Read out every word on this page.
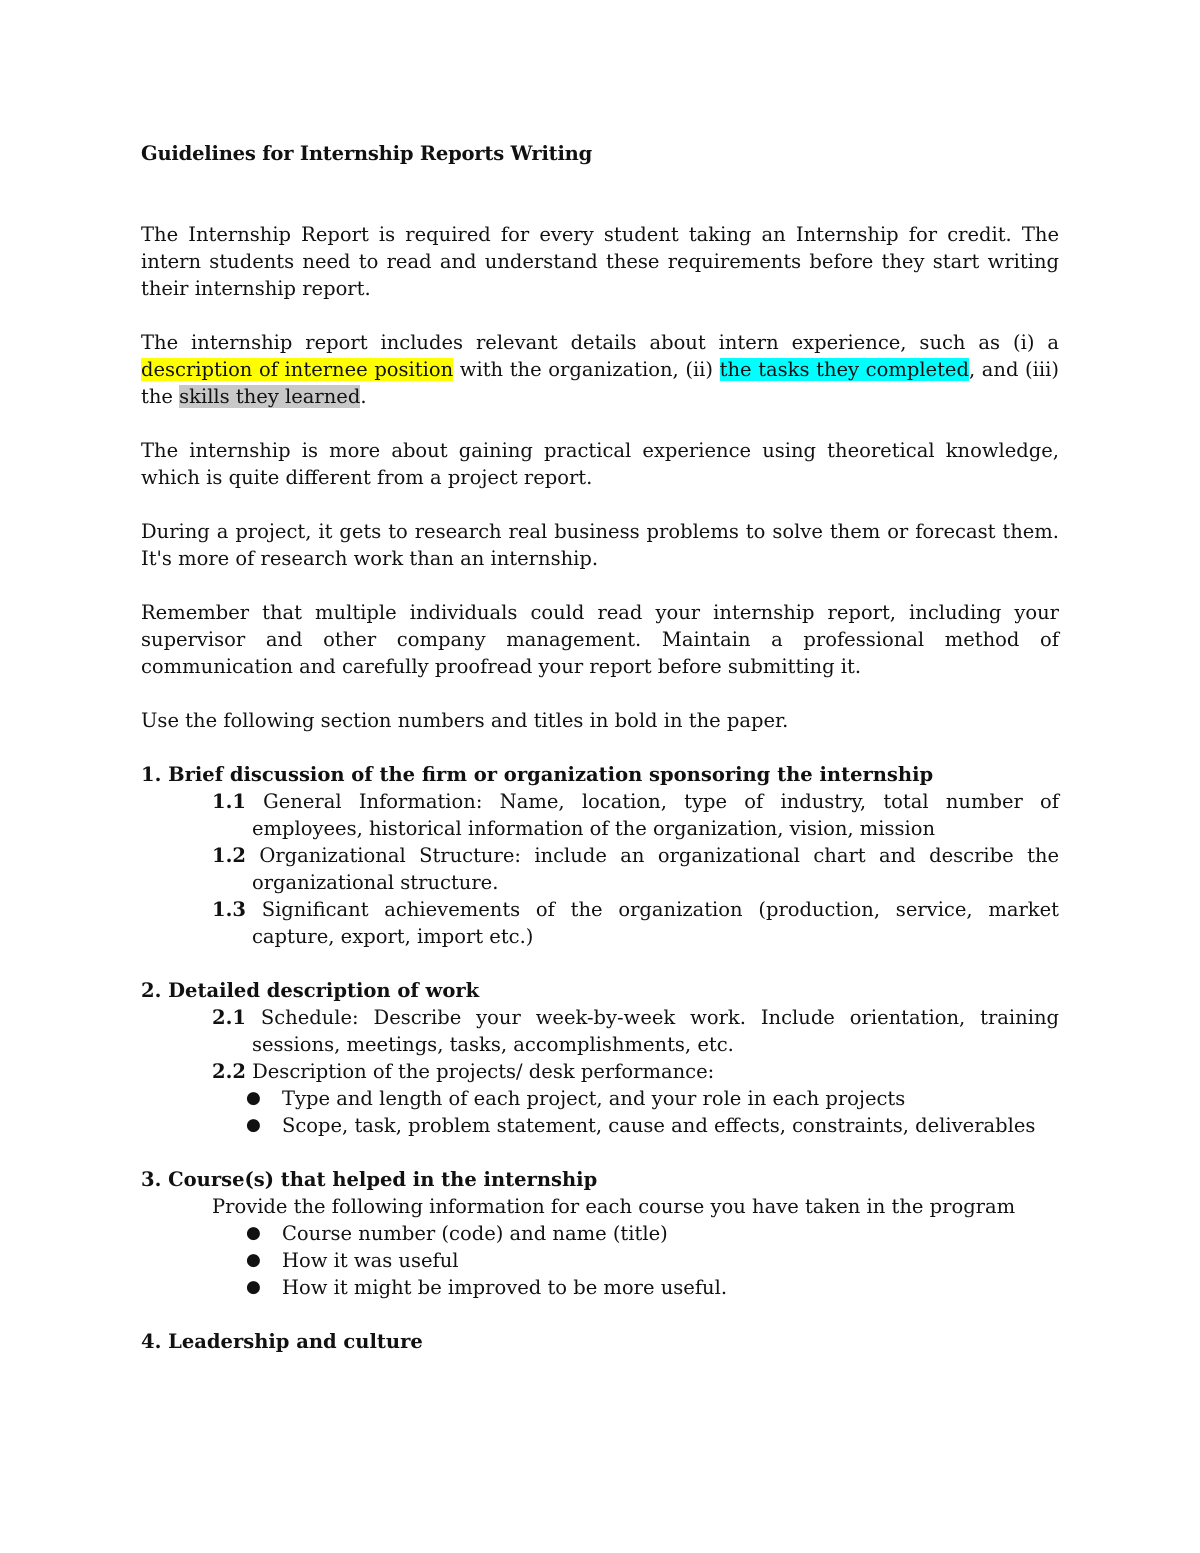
Guidelines for Internship Reports Writing

The Internship Report is required for every student taking an Internship for credit. The intern students need to read and understand these requirements before they start writing their internship report.

The internship report includes relevant details about intern experience, such as (i) a description of internee position with the organization, (ii) the tasks they completed, and (iii) the skills they learned.

The internship is more about gaining practical experience using theoretical knowledge, which is quite different from a project report.

During a project, it gets to research real business problems to solve them or forecast them. It's more of research work than an internship.

Remember that multiple individuals could read your internship report, including your supervisor and other company management. Maintain a professional method of communication and carefully proofread your report before submitting it.

Use the following section numbers and titles in bold in the paper.

1. Brief discussion of the firm or organization sponsoring the internship
1.1 General Information: Name, location, type of industry, total number of employees, historical information of the organization, vision, mission
1.2 Organizational Structure: include an organizational chart and describe the organizational structure.
1.3 Significant achievements of the organization (production, service, market capture, export, import etc.)
2. Detailed description of work
2.1 Schedule: Describe your week-by-week work. Include orientation, training sessions, meetings, tasks, accomplishments, etc.
2.2 Description of the projects/ desk performance:
● Type and length of each project, and your role in each projects
● Scope, task, problem statement, cause and effects, constraints, deliverables
3. Course(s) that helped in the internship
Provide the following information for each course you have taken in the program
● Course number (code) and name (title)
● How it was useful
● How it might be improved to be more useful.
4. Leadership and culture
